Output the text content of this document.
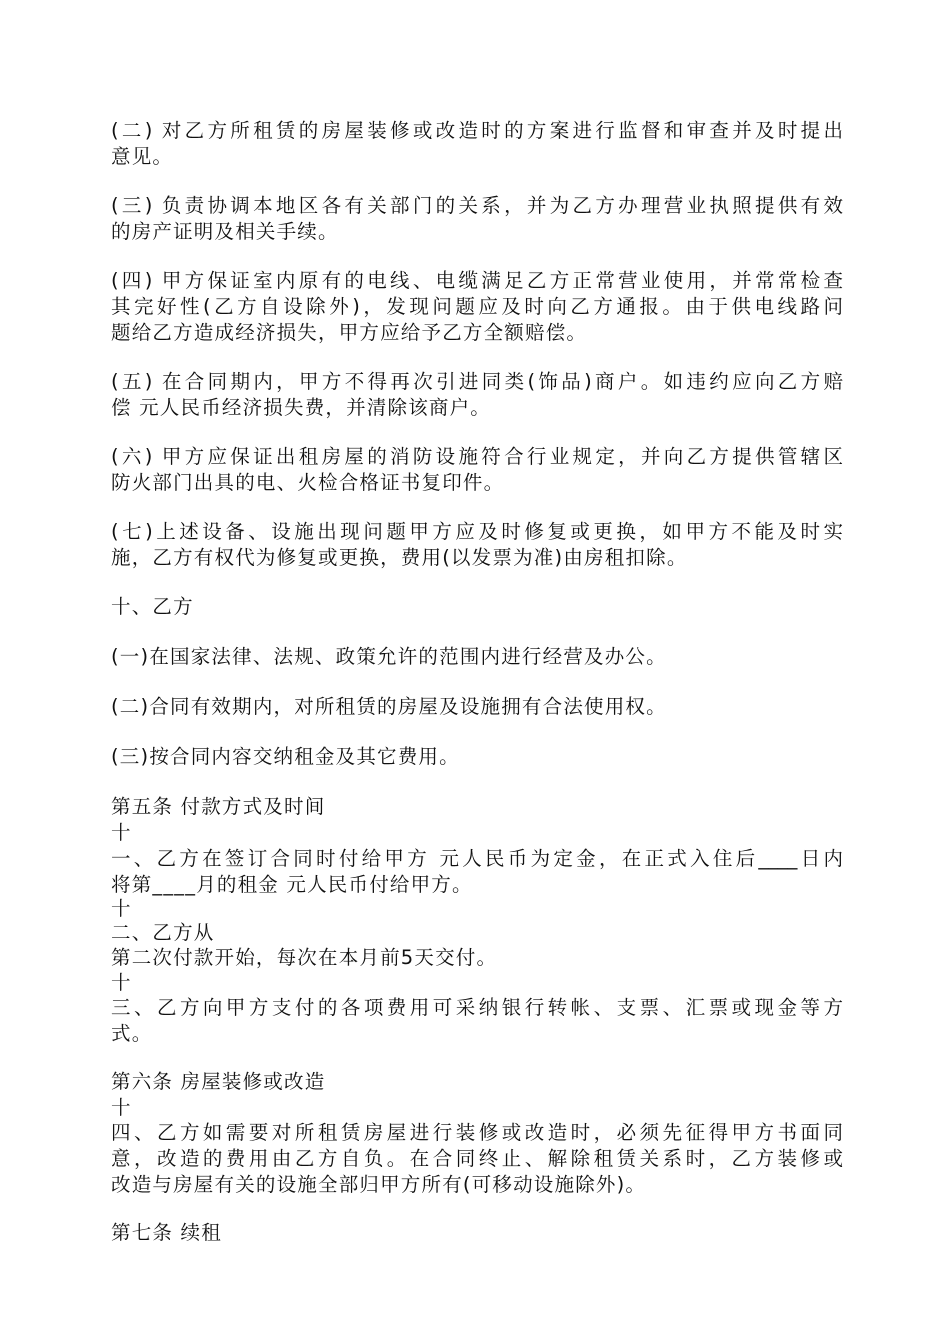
(二) 对乙方所租赁的房屋装修或改造时的方案进行监督和审查并及时提出
意见。
(三) 负责协调本地区各有关部门的关系，并为乙方办理营业执照提供有效
的房产证明及相关手续。
(四) 甲方保证室内原有的电线、电缆满足乙方正常营业使用，并常常检查
其完好性(乙方自设除外)，发现问题应及时向乙方通报。由于供电线路问
题给乙方造成经济损失，甲方应给予乙方全额赔偿。
(五) 在合同期内，甲方不得再次引进同类(饰品)商户。如违约应向乙方赔
偿 元人民币经济损失费，并清除该商户。
(六) 甲方应保证出租房屋的消防设施符合行业规定，并向乙方提供管辖区
防火部门出具的电、火检合格证书复印件。
(七)上述设备、设施出现问题甲方应及时修复或更换，如甲方不能及时实
施，乙方有权代为修复或更换，费用(以发票为准)由房租扣除。
十、乙方
(一)在国家法律、法规、政策允许的范围内进行经营及办公。
(二)合同有效期内，对所租赁的房屋及设施拥有合法使用权。
(三)按合同内容交纳租金及其它费用。
第五条 付款方式及时间
十
一、乙方在签订合同时付给甲方 元人民币为定金，在正式入住后____日内
将第____月的租金 元人民币付给甲方。
十
二、乙方从
第二次付款开始，每次在本月前5天交付。
十
三、乙方向甲方支付的各项费用可采纳银行转帐、支票、汇票或现金等方
式。
第六条 房屋装修或改造
十
四、乙方如需要对所租赁房屋进行装修或改造时，必须先征得甲方书面同
意，改造的费用由乙方自负。在合同终止、解除租赁关系时，乙方装修或
改造与房屋有关的设施全部归甲方所有(可移动设施除外)。
第七条 续租
